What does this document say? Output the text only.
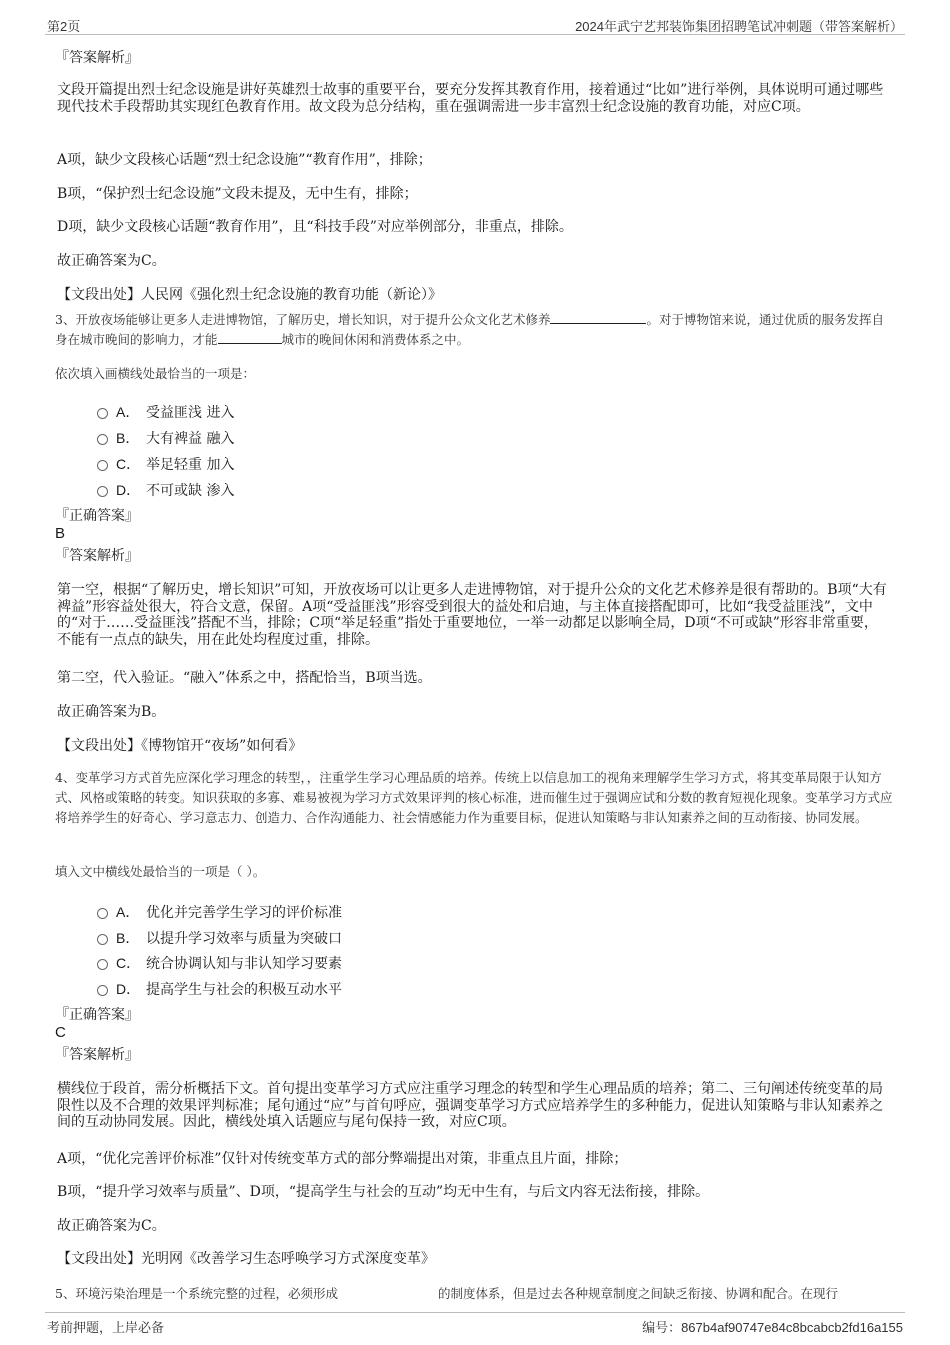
第2页	2024年武宁艺邦装饰集团招聘笔试冲刺题（带答案解析）
『答案解析』
文段开篇提出烈士纪念设施是讲好英雄烈士故事的重要平台，要充分发挥其教育作用，接着通过“比如”进行举例，具体说明可通过哪些现代技术手段帮助其实现红色教育作用。故文段为总分结构，重在强调需进一步丰富烈士纪念设施的教育功能，对应C项。
A项，缺少文段核心话题“烈士纪念设施”“教育作用”，排除；
B项，“保护烈士纪念设施”文段未提及，无中生有，排除；
D项，缺少文段核心话题“教育作用”，且“科技手段”对应举例部分，非重点，排除。
故正确答案为C。
【文段出处】人民网《强化烈士纪念设施的教育功能（新论）》
3、开放夜场能够让更多人走进博物馆，了解历史，增长知识，对于提升公众文化艺术修养	。对于博物馆来说，通过优质的服务发挥自身在城市晚间的影响力，才能	城市的晚间休闲和消费体系之中。
依次填入画横线处最恰当的一项是：
A． 受益匪浅 进入
B． 大有裨益 融入
C． 举足轻重 加入
D． 不可或缺 渗入
『正确答案』
B
『答案解析』
第一空，根据“了解历史，增长知识”可知，开放夜场可以让更多人走进博物馆，对于提升公众的文化艺术修养是很有帮助的。B项“大有裨益”形容益处很大，符合文意，保留。A项“受益匪浅”形容受到很大的益处和启迪，与主体直接搭配即可，比如“我受益匪浅”，文中的“对于……受益匪浅”搭配不当，排除；C项“举足轻重”指处于重要地位，一举一动都足以影响全局，D项“不可或缺”形容非常重要，不能有一点点的缺失，用在此处均程度过重，排除。
第二空，代入验证。“融入”体系之中，搭配恰当，B项当选。
故正确答案为B。
【文段出处】《博物馆开“夜场”如何看》
4、变革学习方式首先应深化学习理念的转型，，注重学生学习心理品质的培养。传统上以信息加工的视角来理解学生学习方式，将其变革局限于认知方式、风格或策略的转变。知识获取的多寡、难易被视为学习方式效果评判的核心标准，进而催生过于强调应试和分数的教育短视化现象。变革学习方式应将培养学生的好奇心、学习意志力、创造力、合作沟通能力、社会情感能力作为重要目标，促进认知策略与非认知素养之间的互动衔接、协同发展。
填入文中横线处最恰当的一项是（ ）。
A． 优化并完善学生学习的评价标准
B． 以提升学习效率与质量为突破口
C． 统合协调认知与非认知学习要素
D． 提高学生与社会的积极互动水平
『正确答案』
C
『答案解析』
横线位于段首，需分析概括下文。首句提出变革学习方式应注重学习理念的转型和学生心理品质的培养；第二、三句阐述传统变革的局限性以及不合理的效果评判标准；尾句通过“应”与首句呼应，强调变革学习方式应培养学生的多种能力，促进认知策略与非认知素养之间的互动协同发展。因此，横线处填入话题应与尾句保持一致，对应C项。
A项，“优化完善评价标准”仅针对传统变革方式的部分弊端提出对策，非重点且片面，排除；
B项，“提升学习效率与质量”、D项，“提高学生与社会的互动”均无中生有，与后文内容无法衔接，排除。
故正确答案为C。
【文段出处】光明网《改善学习生态呼唤学习方式深度变革》
5、环境污染治理是一个系统完整的过程，必须形成	的制度体系，但是过去各种规章制度之间缺乏衔接、协调和配合。在现行
考前押题，上岸必备	编号：867b4af90747e84c8bcabcb2fd16a155
